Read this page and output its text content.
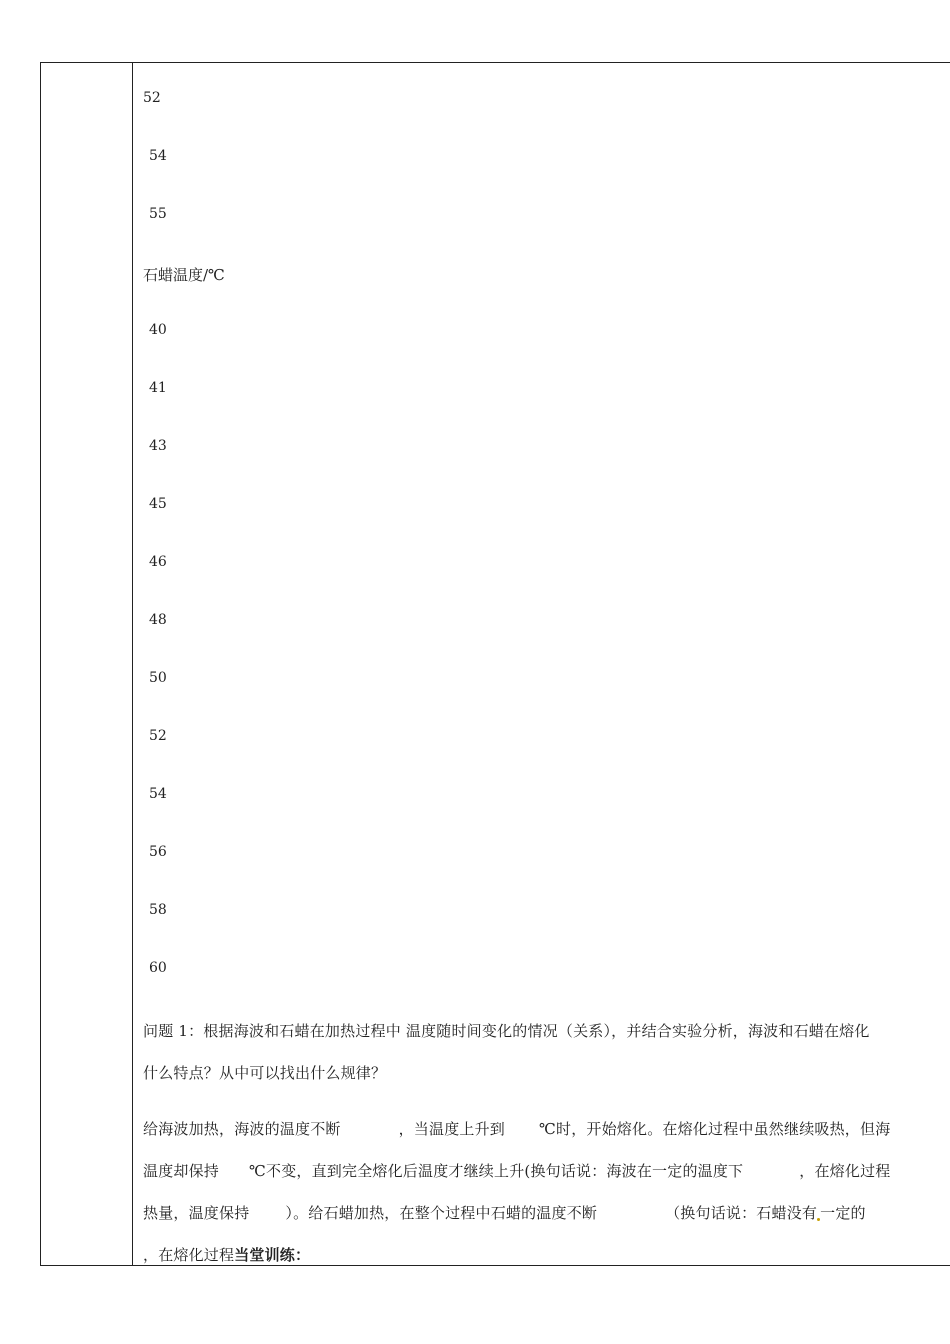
52
54
55
石蜡温度/℃
40
41
43
45
46
48
50
52
54
56
58
60
问题 1：根据海波和石蜡在加热过程中 温度随时间变化的情况（关系），并结合实验分析，海波和石蜡在熔化
什么特点？从中可以找出什么规律？
给海波加热，海波的温度不断	，当温度上升到 ℃时，开始熔化。在熔化过程中虽然继续吸热，但海
温度却保持 ℃不变，直到完全熔化后温度才继续上升(换句话说：海波在一定的温度下	，在熔化过程
热量，温度保持 ）。给石蜡加热，在整个过程中石蜡的温度不断	（换句话说：石蜡没有 一定的
，在熔化过程当堂训练：
